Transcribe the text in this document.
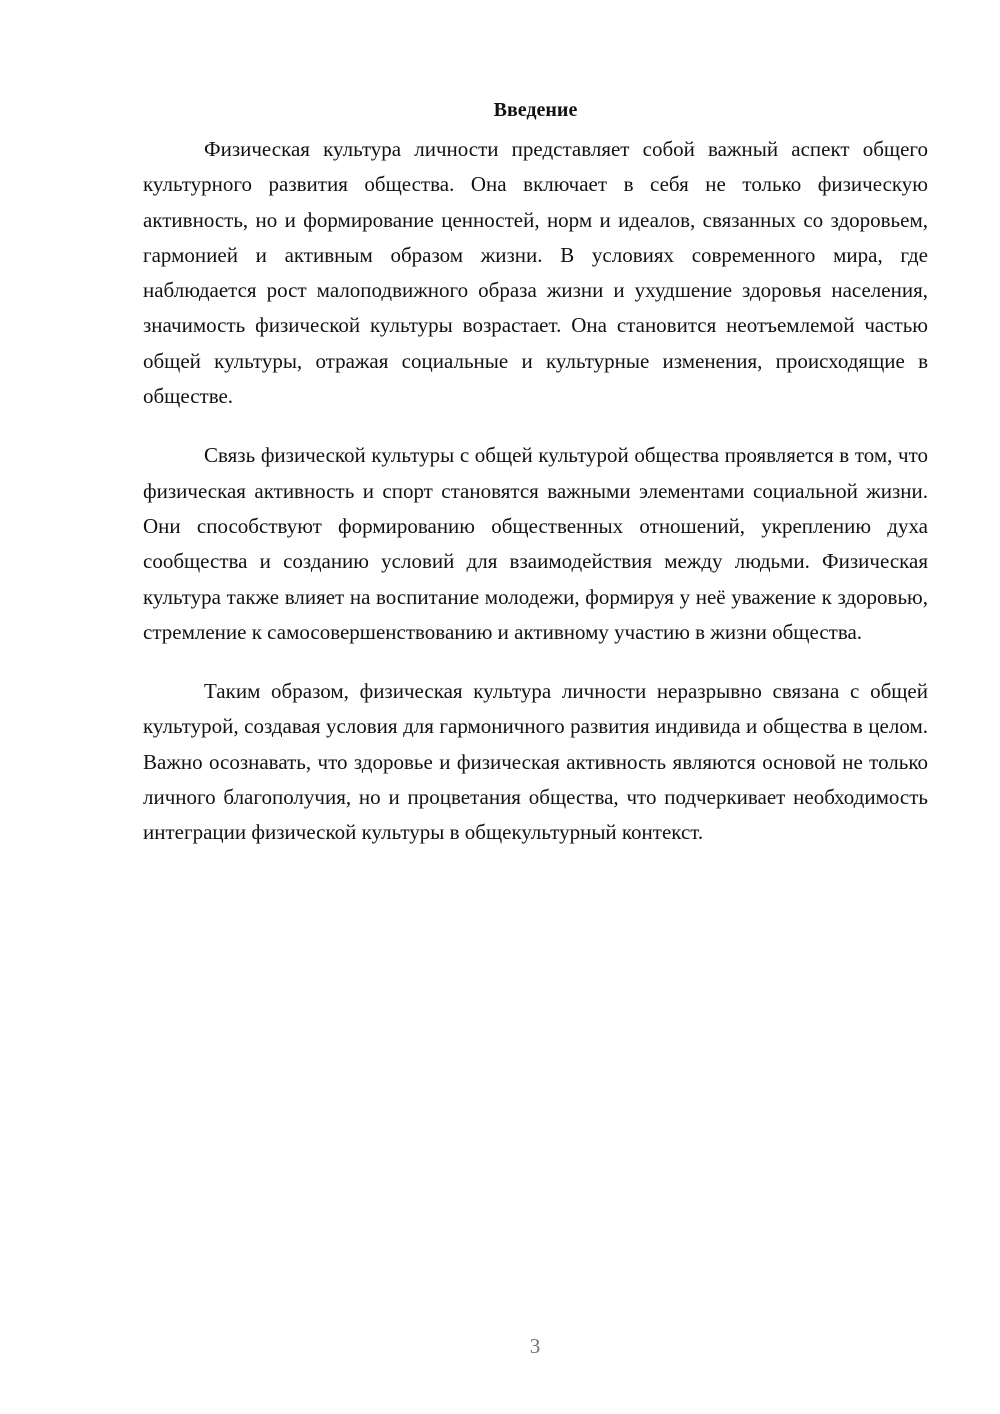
Введение

Физическая культура личности представляет собой важный аспект общего культурного развития общества. Она включает в себя не только физическую активность, но и формирование ценностей, норм и идеалов, связанных со здоровьем, гармонией и активным образом жизни. В условиях современного мира, где наблюдается рост малоподвижного образа жизни и ухудшение здоровья населения, значимость физической культуры возрастает. Она становится неотъемлемой частью общей культуры, отражая социальные и культурные изменения, происходящие в обществе.

Связь физической культуры с общей культурой общества проявляется в том, что физическая активность и спорт становятся важными элементами социальной жизни. Они способствуют формированию общественных отношений, укреплению духа сообщества и созданию условий для взаимодействия между людьми. Физическая культура также влияет на воспитание молодежи, формируя у неё уважение к здоровью, стремление к самосовершенствованию и активному участию в жизни общества.

Таким образом, физическая культура личности неразрывно связана с общей культурой, создавая условия для гармоничного развития индивида и общества в целом. Важно осознавать, что здоровье и физическая активность являются основой не только личного благополучия, но и процветания общества, что подчеркивает необходимость интеграции физической культуры в общекультурный контекст.

3
